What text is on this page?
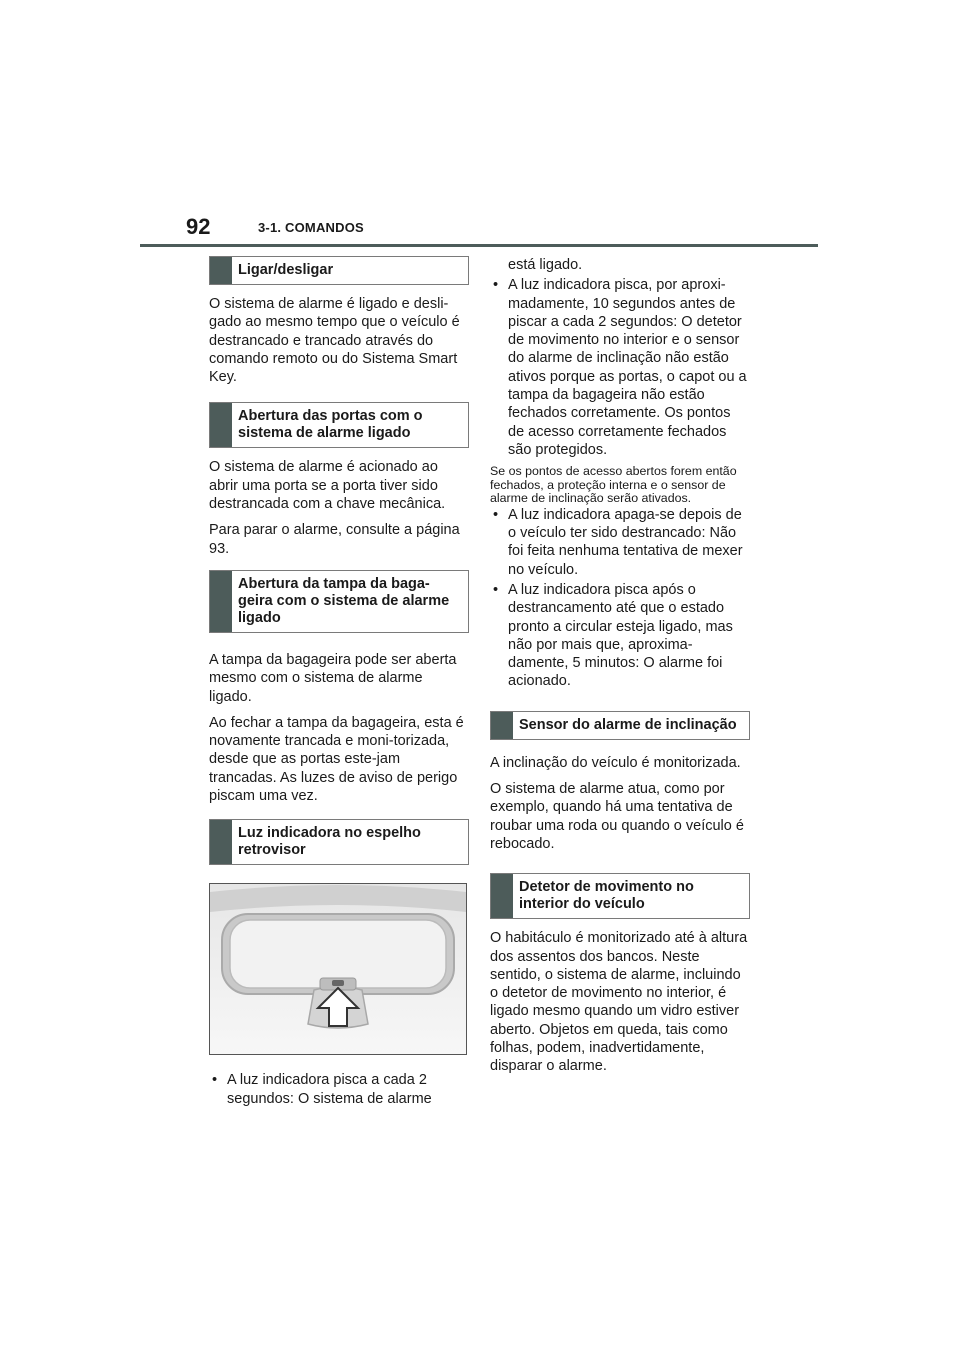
92	3-1. COMANDOS
Ligar/desligar

O sistema de alarme é ligado e desli-gado ao mesmo tempo que o veículo é destrancado e trancado através do comando remoto ou do Sistema Smart Key.

Abertura das portas com o sistema de alarme ligado

O sistema de alarme é acionado ao abrir uma porta se a porta tiver sido destrancada com a chave mecânica.

Para parar o alarme, consulte a página 93.

Abertura da tampa da baga-geira com o sistema de alarme ligado

A tampa da bagageira pode ser aberta mesmo com o sistema de alarme ligado.

Ao fechar a tampa da bagageira, esta é novamente trancada e moni-torizada, desde que as portas este-jam trancadas. As luzes de aviso de perigo piscam uma vez.

Luz indicadora no espelho retrovisor
• A luz indicadora pisca a cada 2 segundos: O sistema de alarme
está ligado.
• A luz indicadora pisca, por aproxi-madamente, 10 segundos antes de piscar a cada 2 segundos: O detetor de movimento no interior e o sensor do alarme de inclinação não estão ativos porque as portas, o capot ou a tampa da bagageira não estão fechados corretamente. Os pontos de acesso corretamente fechados são protegidos.

Se os pontos de acesso abertos forem então fechados, a proteção interna e o sensor de alarme de inclinação serão ativados.

• A luz indicadora apaga-se depois de o veículo ter sido destrancado: Não foi feita nenhuma tentativa de mexer no veículo.
• A luz indicadora pisca após o destrancamento até que o estado pronto a circular esteja ligado, mas não por mais que, aproxima-damente, 5 minutos: O alarme foi acionado.
Sensor do alarme de inclinação

A inclinação do veículo é monitorizada.

O sistema de alarme atua, como por exemplo, quando há uma tentativa de roubar uma roda ou quando o veículo é rebocado.

Detetor de movimento no interior do veículo

O habitáculo é monitorizado até à altura dos assentos dos bancos. Neste sentido, o sistema de alarme, incluindo o detetor de movimento no interior, é ligado mesmo quando um vidro estiver aberto. Objetos em queda, tais como folhas, podem, inadvertidamente, disparar o alarme.
